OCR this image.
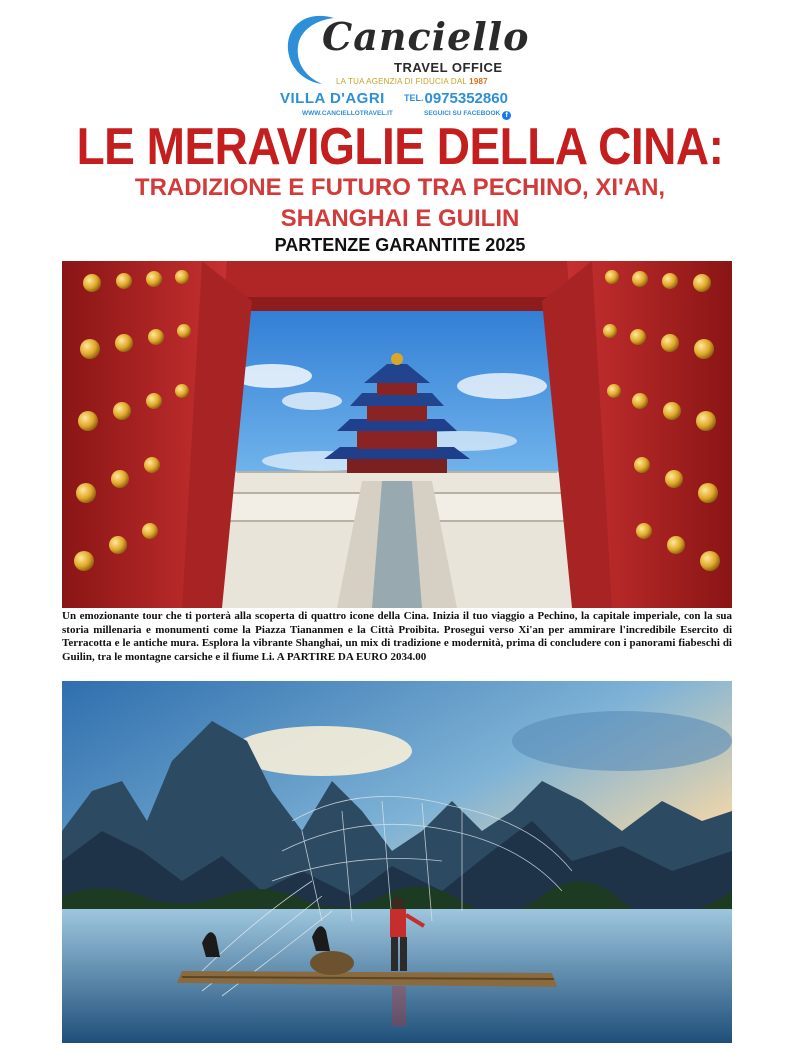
Canciello
TRAVEL OFFICE
LA TUA AGENZIA DI FIDUCIA DAL 1987
VILLA D'AGRI TEL.0975352860
WWW.CANCIELLOTRAVEL.IT	SEGUICI SU FACEBOOK f
LE MERAVIGLIE DELLA CINA:
TRADIZIONE E FUTURO TRA PECHINO, XI'AN,
SHANGHAI E GUILIN
PARTENZE GARANTITE 2025

Un emozionante tour che ti porterà alla scoperta di quattro icone della Cina. Inizia il tuo viaggio a Pechino, la capitale imperiale, con la sua storia millenaria e monumenti come la Piazza Tiananmen e la Città Proibita. Prosegui verso Xi'an per ammirare l'incredibile Esercito di Terracotta e le antiche mura. Esplora la vibrante Shanghai, un mix di tradizione e modernità, prima di concludere con i panorami fiabeschi di Guilin, tra le montagne carsiche e il fiume Li. A PARTIRE DA EURO 2034.00
